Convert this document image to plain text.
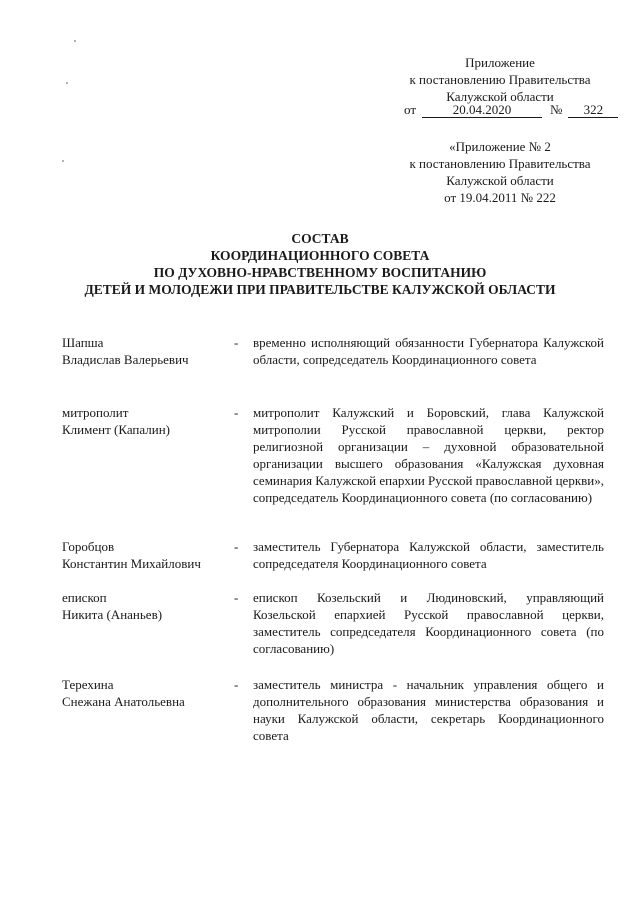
Приложение
к постановлению Правительства
Калужской области
от	20.04.2020	№ 322
«Приложение № 2
к постановлению Правительства
Калужской области
от 19.04.2011 № 222
СОСТАВ
КООРДИНАЦИОННОГО СОВЕТА
ПО ДУХОВНО-НРАВСТВЕННОМУ ВОСПИТАНИЮ
ДЕТЕЙ И МОЛОДЕЖИ ПРИ ПРАВИТЕЛЬСТВЕ КАЛУЖСКОЙ ОБЛАСТИ
Шапша
Владислав Валерьевич
- временно исполняющий обязанности Губернатора Калужской области, сопредседатель Координационного совета
митрополит
Климент (Капалин)
- митрополит Калужский и Боровский, глава Калужской митрополии Русской православной церкви, ректор религиозной организации – духовной образовательной организации высшего образования «Калужская духовная семинария Калужской епархии Русской православной церкви», сопредседатель Координационного совета (по согласованию)
Горобцов
Константин Михайлович
- заместитель Губернатора Калужской области, заместитель сопредседателя Координационного совета
епископ
Никита (Ананьев)
- епископ Козельский и Людиновский, управляющий Козельской епархией Русской православной церкви, заместитель сопредседателя Координационного совета (по согласованию)
Терехина
Снежана Анатольевна
- заместитель министра - начальник управления общего и дополнительного образования министерства образования и науки Калужской области, секретарь Координационного совета
